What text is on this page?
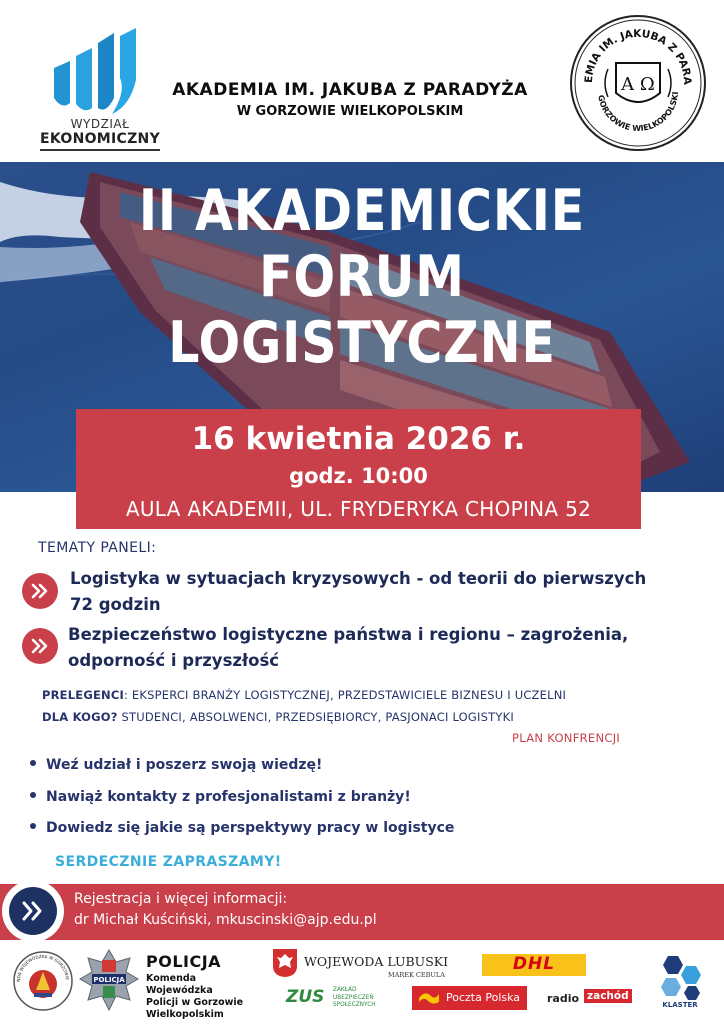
WYDZIAŁ
EKONOMICZNY
AKADEMIA IM. JAKUBA Z PARADYŻA
W GORZOWIE WIELKOPOLSKIM
EMIA IM. JAKUBA Z PARA
GORZOWIE WIELKOPOLSKI
A Ω
II AKADEMICKIE
FORUM
LOGISTYCZNE
16 kwietnia 2026 r.
godz. 10:00
AULA AKADEMII, UL. FRYDERYKA CHOPINA 52
TEMATY PANELI:
Logistyka w sytuacjach kryzysowych - od teorii do pierwszych
72 godzin
Bezpieczeństwo logistyczne państwa i regionu – zagrożenia,
odporność i przyszłość
PRELEGENCI: EKSPERCI BRANŻY LOGISTYCZNEJ, PRZEDSTAWICIELE BIZNESU I UCZELNI
DLA KOGO? STUDENCI, ABSOLWENCI, PRZEDSIĘBIORCY, PASJONACI LOGISTYKI
PLAN KONFRENCJI
Weź udział i poszerz swoją wiedzę!
Nawiąż kontakty z profesjonalistami z branży!
Dowiedz się jakie są perspektywy pracy w logistyce
SERDECZNIE ZAPRASZAMY!
Rejestracja i więcej informacji:
dr Michał Kuściński, mkuscinski@ajp.edu.pl
NDA WOJEWÓDZKA W GORZOWIE	POLICJA
POLICJA
Komenda Wojewódzka
Policji w Gorzowie
Wielkopolskim
WOJEWODA LUBUSKI
MAREK CEBULA
DHL
ZUS ZAKŁAD
UBEZPIECZEŃ
SPOŁECZNYCH
Poczta Polska radio zachód
KLASTER
